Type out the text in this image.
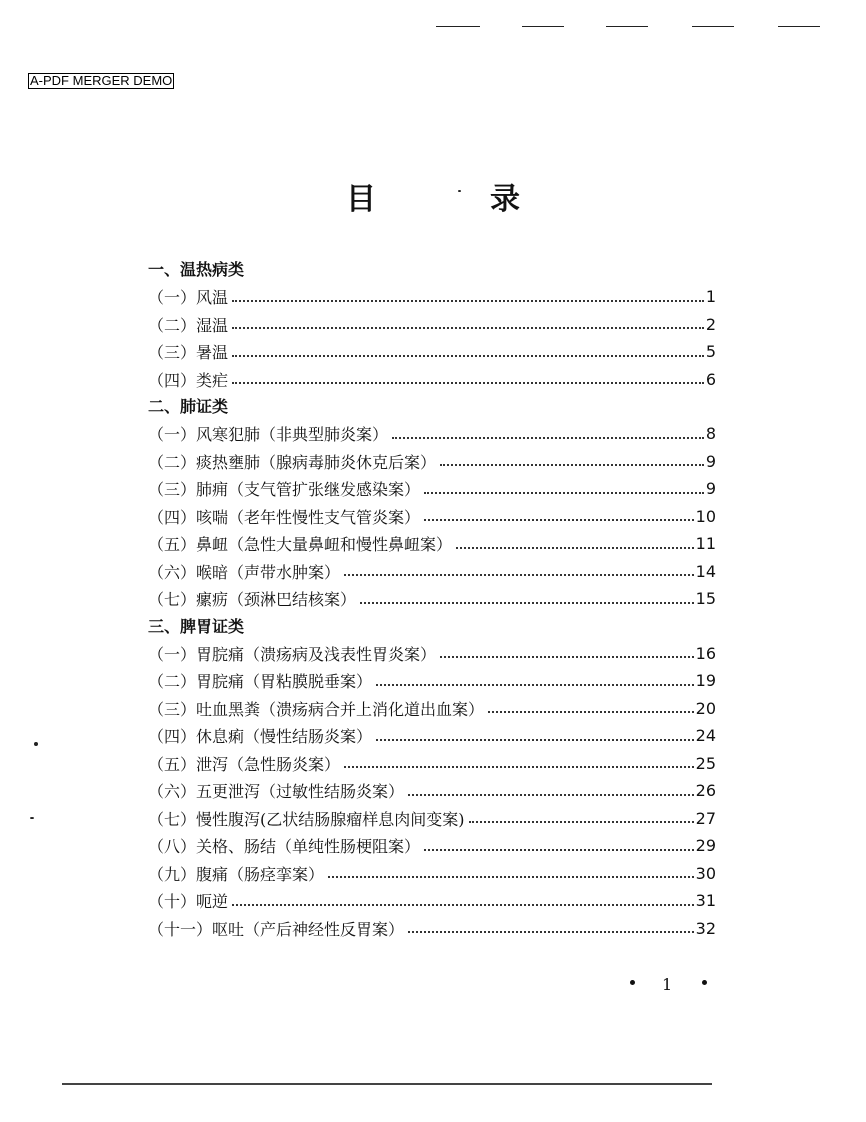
A-PDF MERGER DEMO
目	录
一、温热病类
（一）风温	1
（二）湿温	2
（三）暑温	5
（四）类疟	6
二、肺证类
（一）风寒犯肺（非典型肺炎案）	8
（二）痰热壅肺（腺病毒肺炎休克后案）	9
（三）肺痈（支气管扩张继发感染案）	9
（四）咳喘（老年性慢性支气管炎案）	10
（五）鼻衄（急性大量鼻衄和慢性鼻衄案）	11
（六）喉暗（声带水肿案）	14
（七）瘰疬（颈淋巴结核案）	15
三、脾胃证类
（一）胃脘痛（溃疡病及浅表性胃炎案）	16
（二）胃脘痛（胃粘膜脱垂案）	19
（三）吐血黑粪（溃疡病合并上消化道出血案）	20
（四）休息痢（慢性结肠炎案）	24
（五）泄泻（急性肠炎案）	25
（六）五更泄泻（过敏性结肠炎案）	26
（七）慢性腹泻(乙状结肠腺瘤样息肉间变案)	27
（八）关格、肠结（单纯性肠梗阻案）	29
（九）腹痛（肠痉挛案）	30
（十）呃逆	31
（十一）呕吐（产后神经性反胃案）	32
1
